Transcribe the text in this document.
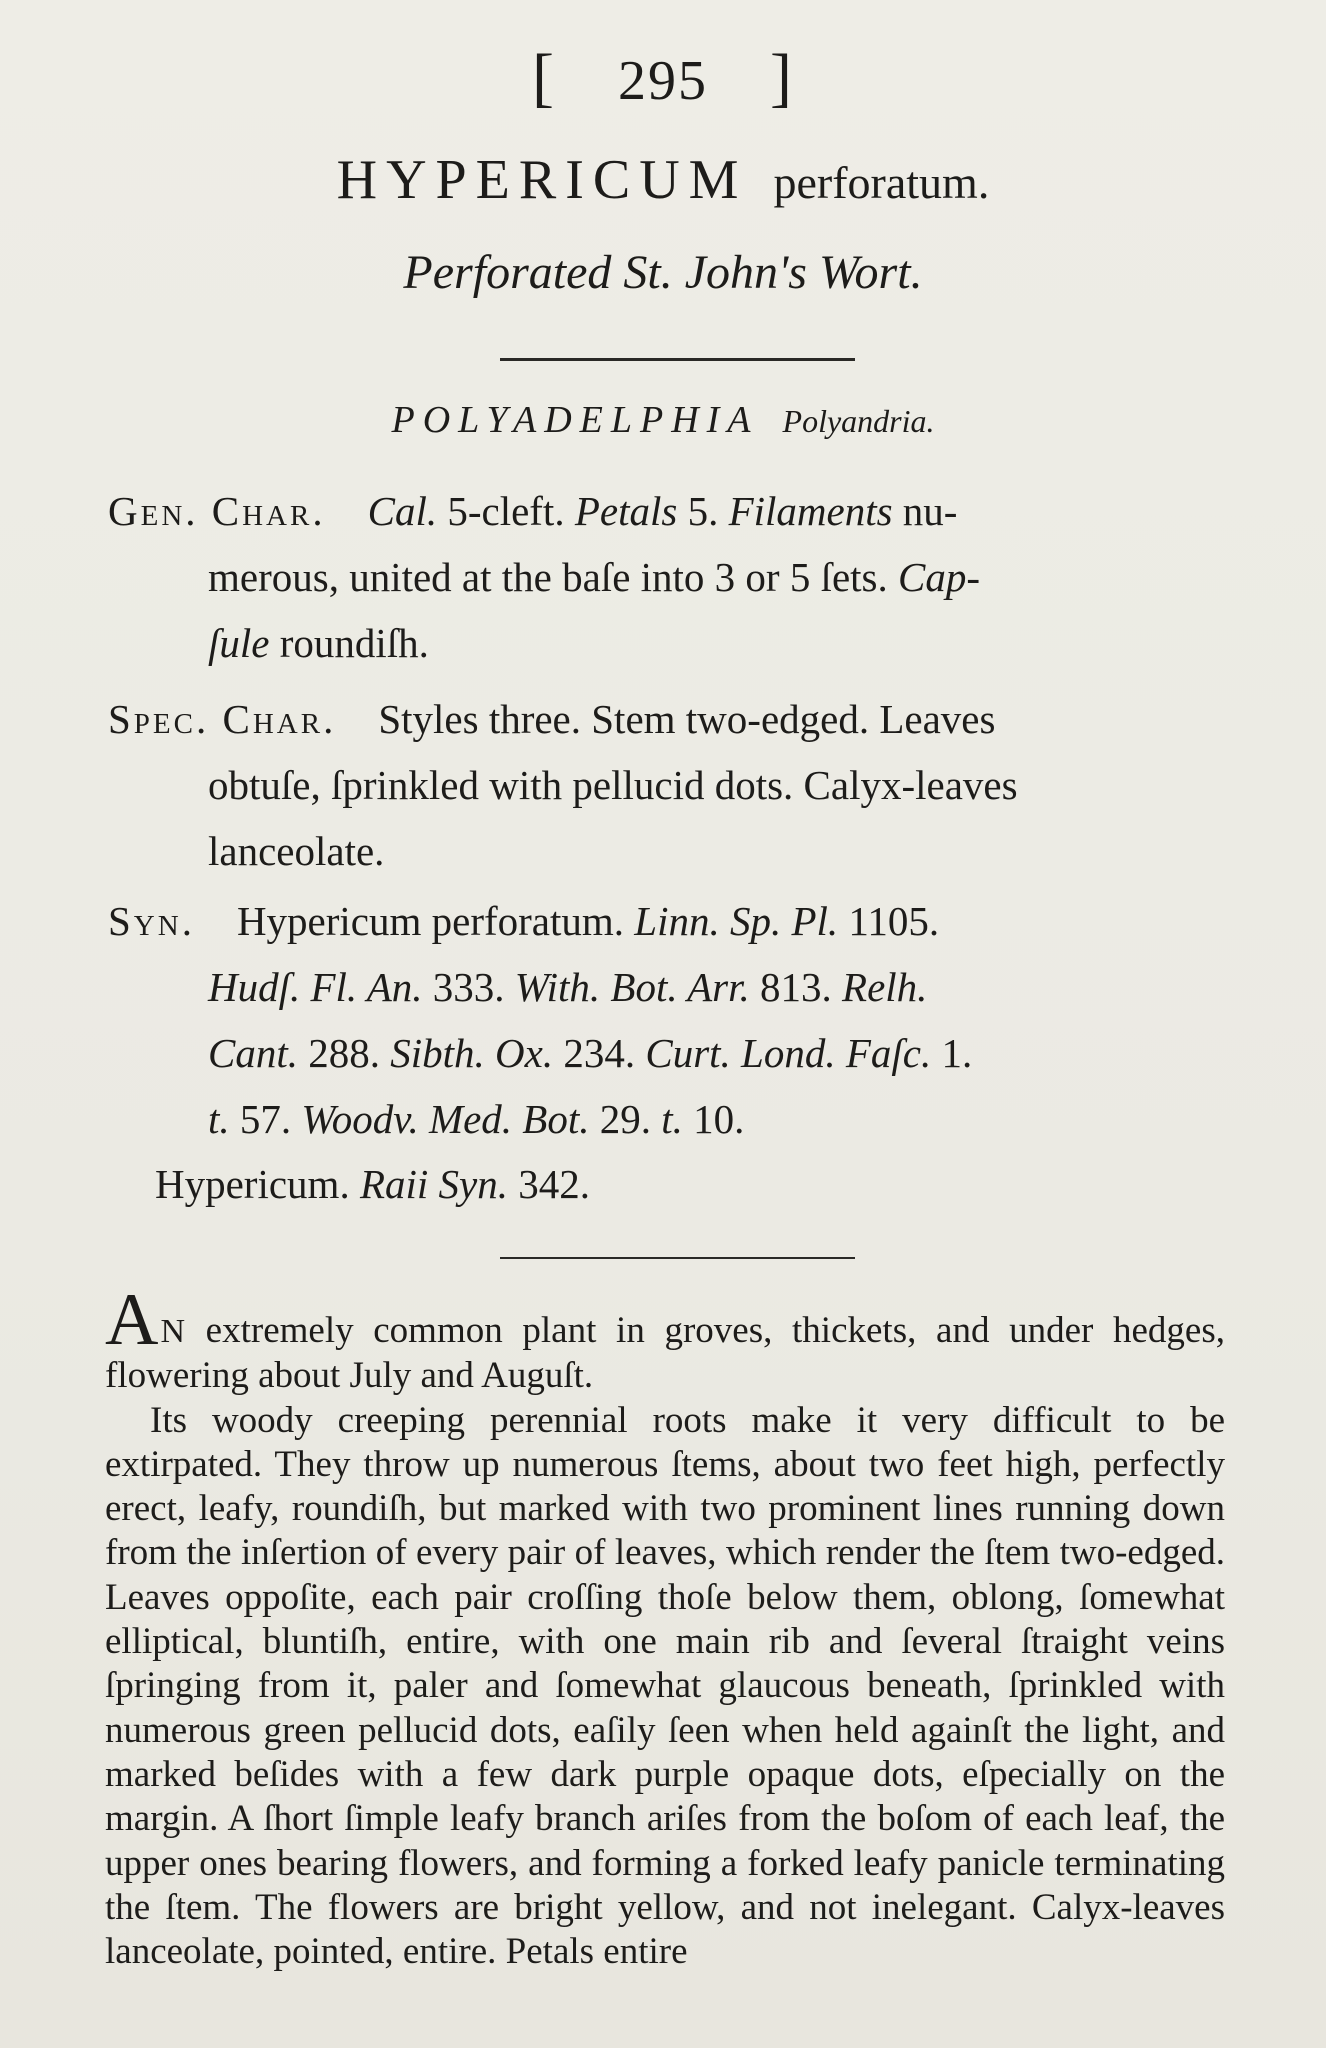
[ 295 ]
HYPERICUM perforatum.
Perforated St. John's Wort.
POLYADELPHIA Polyandria.
Gen. Char. Cal. 5-cleft. Petals 5. Filaments nu-
merous, united at the baſe into 3 or 5 ſets. Cap-
ſule roundiſh.
Spec. Char. Styles three. Stem two-edged. Leaves
obtuſe, ſprinkled with pellucid dots. Calyx-leaves
lanceolate.
Syn. Hypericum perforatum. Linn. Sp. Pl. 1105.
Hudſ. Fl. An. 333. With. Bot. Arr. 813. Relh.
Cant. 288. Sibth. Ox. 234. Curt. Lond. Faſc. 1.
t. 57. Woodv. Med. Bot. 29. t. 10.
Hypericum. Raii Syn. 342.

AN extremely common plant in groves, thickets, and under hedges, flowering about July and Auguſt.

Its woody creeping perennial roots make it very difficult to be extirpated. They throw up numerous ſtems, about two feet high, perfectly erect, leafy, roundiſh, but marked with two prominent lines running down from the inſertion of every pair of leaves, which render the ſtem two-edged. Leaves oppoſite, each pair croſſing thoſe below them, oblong, ſomewhat elliptical, bluntiſh, entire, with one main rib and ſeveral ſtraight veins ſpringing from it, paler and ſomewhat glaucous beneath, ſprinkled with numerous green pellucid dots, eaſily ſeen when held againſt the light, and marked beſides with a few dark purple opaque dots, eſpecially on the margin. A ſhort ſimple leafy branch ariſes from the boſom of each leaf, the upper ones bearing flowers, and forming a forked leafy panicle terminating the ſtem. The flowers are bright yellow, and not inelegant. Calyx-leaves lanceolate, pointed, entire. Petals entire
